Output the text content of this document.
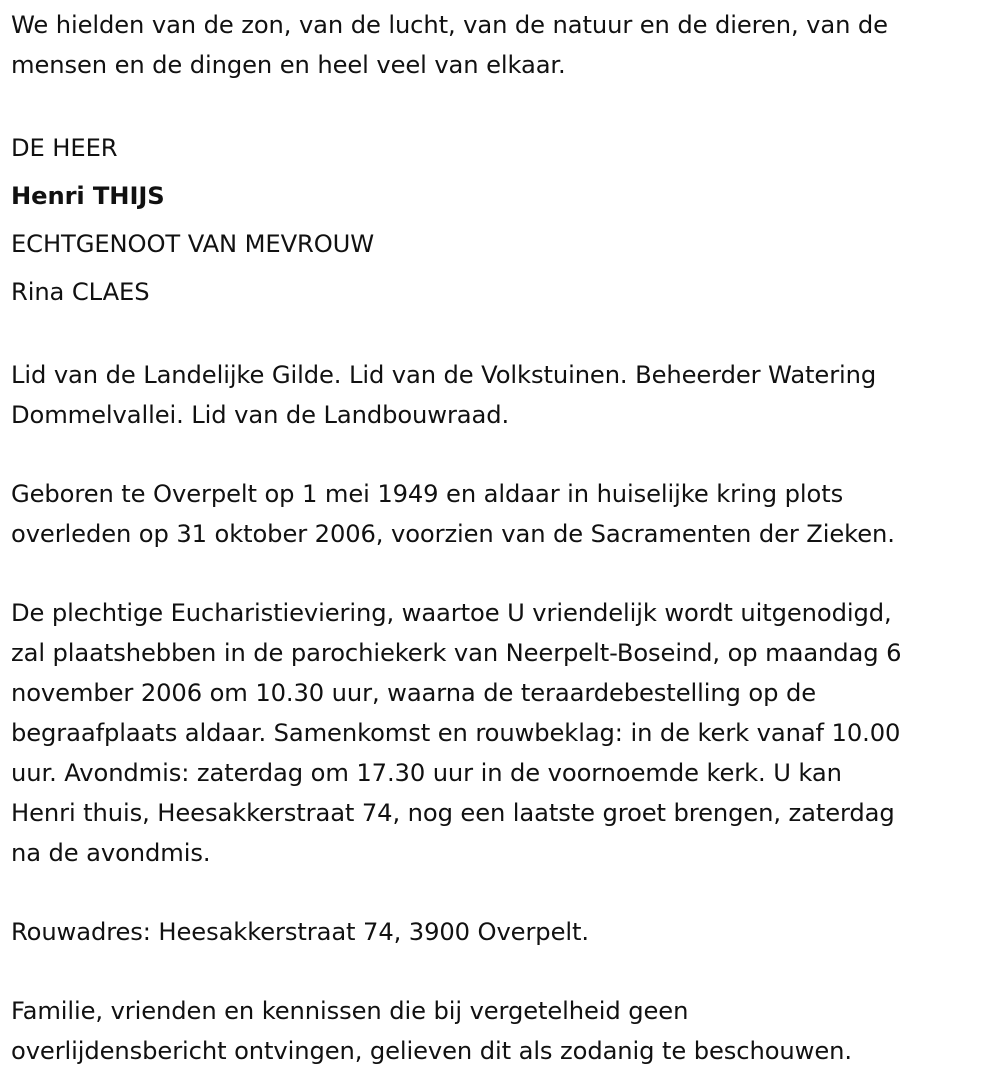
We hielden van de zon, van de lucht, van de natuur en de dieren, van de
mensen en de dingen en heel veel van elkaar.
DE HEER
Henri THIJS
ECHTGENOOT VAN MEVROUW
Rina CLAES
Lid van de Landelijke Gilde. Lid van de Volkstuinen. Beheerder Watering
Dommelvallei. Lid van de Landbouwraad.
Geboren te Overpelt op 1 mei 1949 en aldaar in huiselijke kring plots
overleden op 31 oktober 2006, voorzien van de Sacramenten der Zieken.
De plechtige Eucharistieviering, waartoe U vriendelijk wordt uitgenodigd,
zal plaatshebben in de parochiekerk van Neerpelt-Boseind, op maandag 6
november 2006 om 10.30 uur, waarna de teraardebestelling op de
begraafplaats aldaar. Samenkomst en rouwbeklag: in de kerk vanaf 10.00
uur. Avondmis: zaterdag om 17.30 uur in de voornoemde kerk. U kan
Henri thuis, Heesakkerstraat 74, nog een laatste groet brengen, zaterdag
na de avondmis.
Rouwadres: Heesakkerstraat 74, 3900 Overpelt.
Familie, vrienden en kennissen die bij vergetelheid geen
overlijdensbericht ontvingen, gelieven dit als zodanig te beschouwen.
